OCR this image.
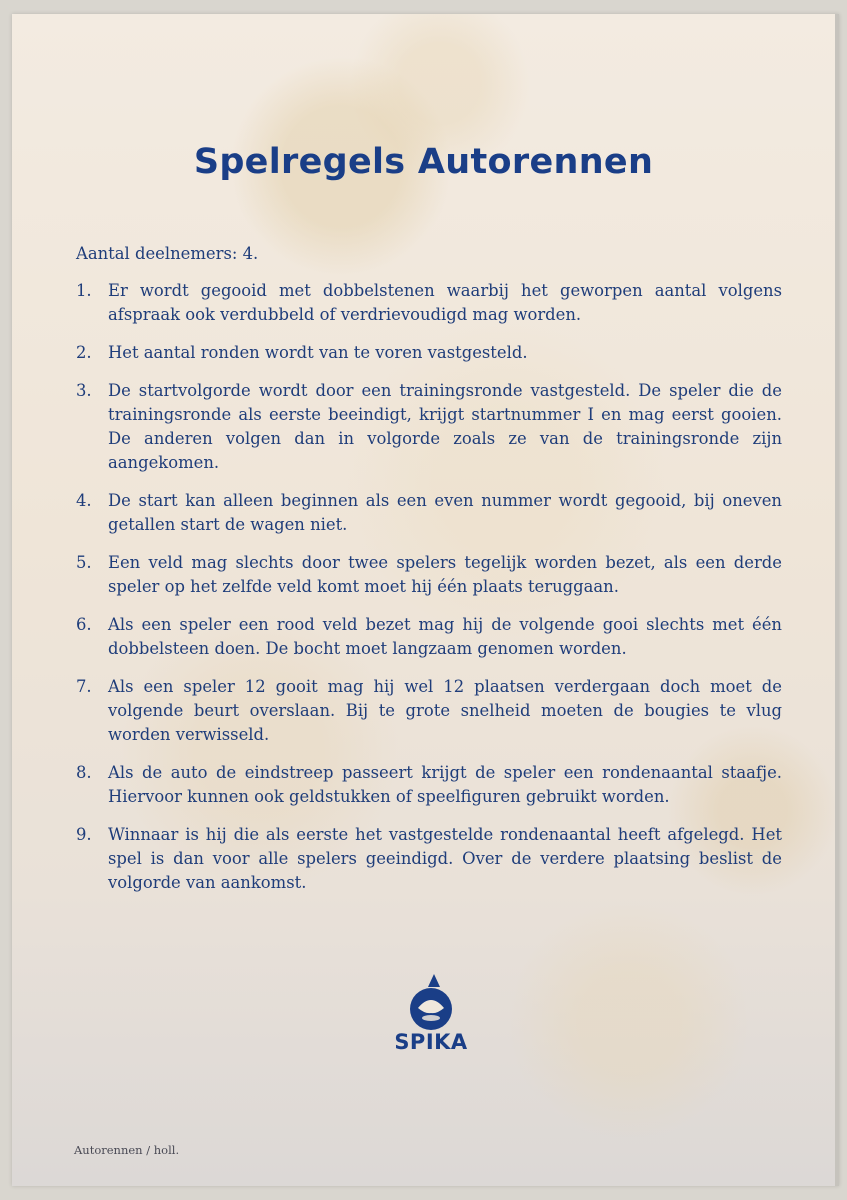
Spelregels Autorennen

Aantal deelnemers: 4.

1. Er wordt gegooid met dobbelstenen waarbij het geworpen aantal volgens afspraak ook verdubbeld of verdrievoudigd mag worden.
2. Het aantal ronden wordt van te voren vastgesteld.
3. De startvolgorde wordt door een trainingsronde vastgesteld. De speler die de trainingsronde als eerste beeindigt, krijgt startnummer I en mag eerst gooien. De anderen volgen dan in volgorde zoals ze van de trainingsronde zijn aangekomen.
4. De start kan alleen beginnen als een even nummer wordt gegooid, bij oneven getallen start de wagen niet.
5. Een veld mag slechts door twee spelers tegelijk worden bezet, als een derde speler op het zelfde veld komt moet hij één plaats teruggaan.
6. Als een speler een rood veld bezet mag hij de volgende gooi slechts met één dobbelsteen doen. De bocht moet langzaam genomen worden.
7. Als een speler 12 gooit mag hij wel 12 plaatsen verdergaan doch moet de volgende beurt overslaan. Bij te grote snelheid moeten de bougies te vlug worden verwisseld.
8. Als de auto de eindstreep passeert krijgt de speler een rondenaantal staafje. Hiervoor kunnen ook geldstukken of speelfiguren gebruikt worden.
9. Winnaar is hij die als eerste het vastgestelde rondenaantal heeft afgelegd. Het spel is dan voor alle spelers geeindigd. Over de verdere plaatsing beslist de volgorde van aankomst.
SPIKA
Autorennen / holl.
